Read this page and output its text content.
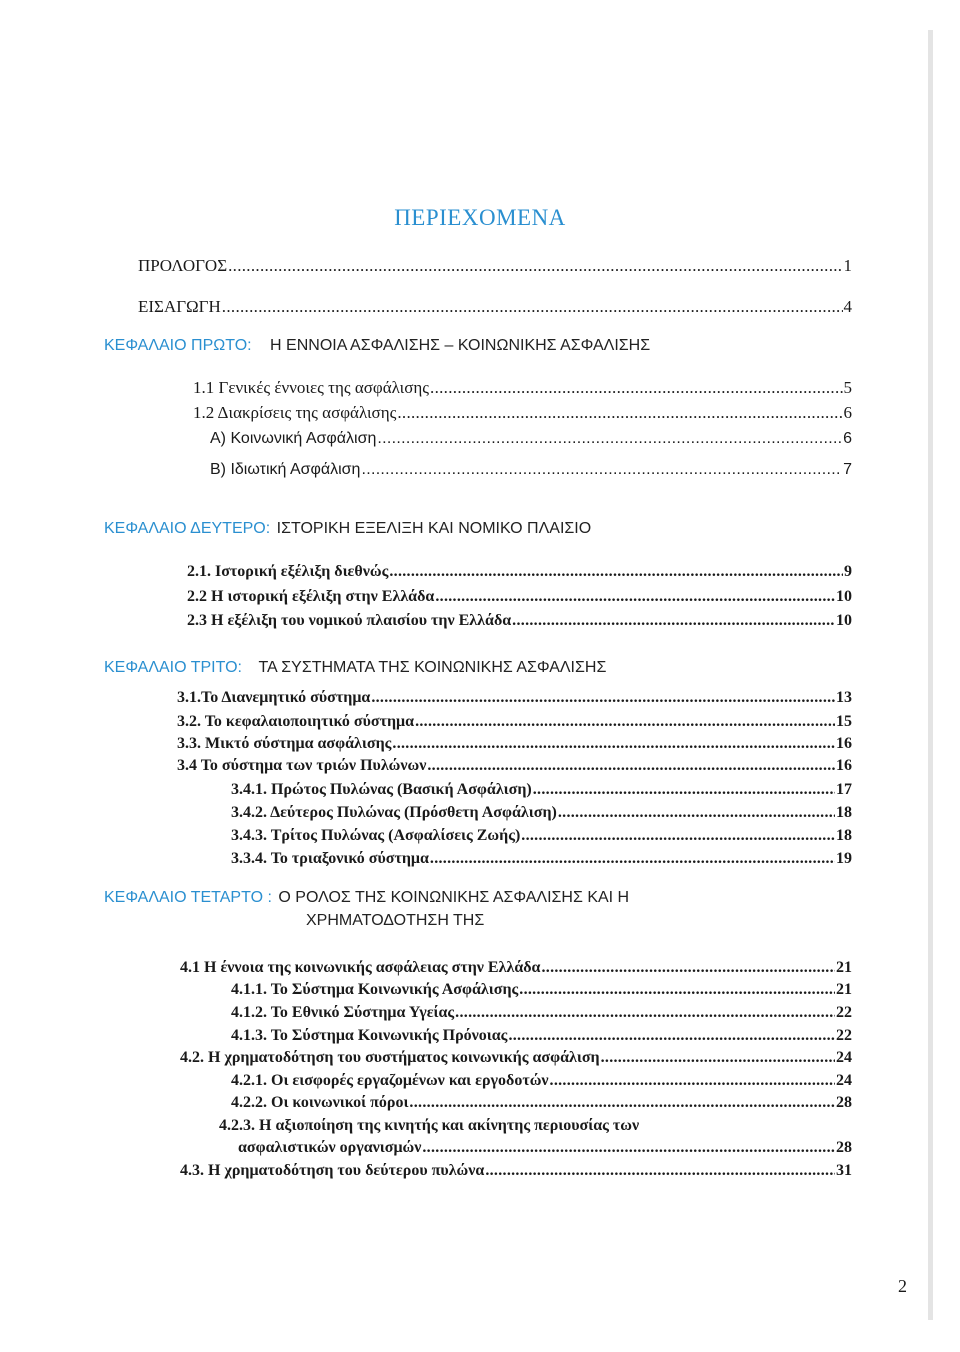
ΠΕΡΙΕΧΟΜΕΝΑ
ΠΡΟΛΟΓΟΣ .....	1
ΕΙΣΑΓΩΓΗ .....	4
ΚΕΦΑΛΑΙΟ ΠΡΩΤΟ: Η ΕΝΝΟΙΑ ΑΣΦΑΛΙΣΗΣ – ΚΟΙΝΩΝΙΚΗΣ ΑΣΦΑΛΙΣΗΣ
1.1 Γενικές έννοιες της ασφάλισης .....	5
1.2 Διακρίσεις της ασφάλισης .....	6
Α) Κοινωνική Ασφάλιση .....	6
Β) Ιδιωτική Ασφάλιση .....	7
ΚΕΦΑΛΑΙΟ ΔΕΥΤΕΡΟ: ΙΣΤΟΡΙΚΗ ΕΞΕΛΙΞΗ ΚΑΙ ΝΟΜΙΚΟ ΠΛΑΙΣΙΟ
2.1. Ιστορική εξέλιξη διεθνώς .....	9
2.2 Η ιστορική εξέλιξη στην Ελλάδα .....	10
2.3 Η εξέλιξη του νομικού πλαισίου την Ελλάδα .....	10
ΚΕΦΑΛΑΙΟ ΤΡΙΤΟ: ΤΑ ΣΥΣΤΗΜΑΤΑ ΤΗΣ ΚΟΙΝΩΝΙΚΗΣ ΑΣΦΑΛΙΣΗΣ
3.1.Το Διανεμητικό σύστημα .....	13
3.2. Το κεφαλαιοποιητικό σύστημα .....	15
3.3. Μικτό σύστημα ασφάλισης .....	16
3.4 Το σύστημα των τριών Πυλώνων .....	16
3.4.1. Πρώτος Πυλώνας (Βασική Ασφάλιση) .....	17
3.4.2. Δεύτερος Πυλώνας (Πρόσθετη Ασφάλιση) .....	18
3.4.3. Τρίτος Πυλώνας (Ασφαλίσεις Ζωής) .....	18
3.3.4. Το τριαξονικό σύστημα .....	19
ΚΕΦΑΛΑΙΟ ΤΕΤΑΡΤΟ : Ο ΡΟΛΟΣ ΤΗΣ ΚΟΙΝΩΝΙΚΗΣ ΑΣΦΑΛΙΣΗΣ ΚΑΙ Η
ΧΡΗΜΑΤΟΔΟΤΗΣΗ ΤΗΣ
4.1 Η έννοια της κοινωνικής ασφάλειας στην Ελλάδα .....	21
4.1.1. Το Σύστημα Κοινωνικής Ασφάλισης .....	21
4.1.2. Το Εθνικό Σύστημα Υγείας .....	22
4.1.3. Το Σύστημα Κοινωνικής Πρόνοιας .....	22
4.2. Η χρηματοδότηση του συστήματος κοινωνικής ασφάλιση .....	24
4.2.1. Οι εισφορές εργαζομένων και εργοδοτών .....	24
4.2.2. Οι κοινωνικοί πόροι .....	28
4.2.3. Η αξιοποίηση της κινητής και ακίνητης περιουσίας των
ασφαλιστικών οργανισμών .....	28
4.3. Η χρηματοδότηση του δεύτερου πυλώνα .....	31
2
